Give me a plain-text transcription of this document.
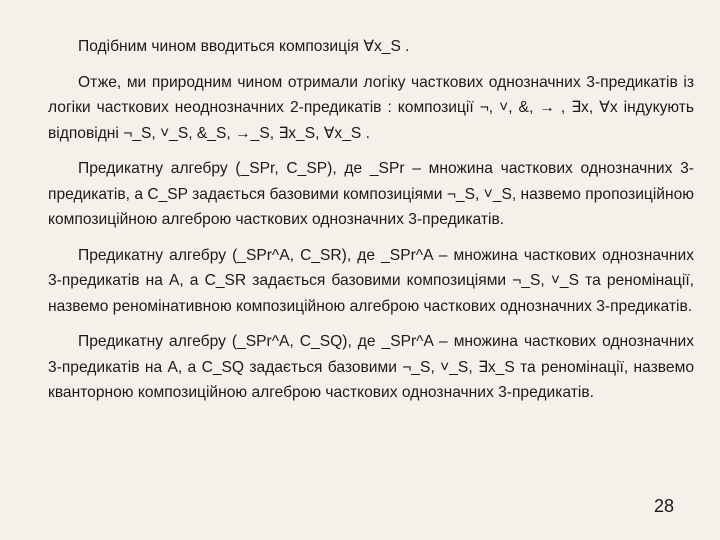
Подібним чином вводиться композиція ∀x_S .

Отже, ми природним чином отримали логіку часткових однозначних 3-предикатів із логіки часткових неоднозначних 2-предикатів : композиції ¬, ˅, &, → , ∃x, ∀x індукують відповідні ¬_S, ˅_S, &_S, →_S, ∃x_S, ∀x_S .

Предикатну алгебру (_SPr, C_SP), де _SPr – множина часткових однозначних 3-предикатів, а C_SP задається базовими композиціями ¬_S, ˅_S, назвемо пропозиційною композиційною алгеброю часткових однозначних 3-предикатів.

Предикатну алгебру (_SPr^A, C_SR), де _SPr^A – множина часткових однозначних 3-предикатів на A, а C_SR задається базовими композиціями ¬_S, ˅_S та реномінації, назвемо реномінативною композиційною алгеброю часткових однозначних 3-предикатів.

Предикатну алгебру (_SPr^A, C_SQ), де _SPr^A – множина часткових однозначних 3-предикатів на A, а C_SQ задається базовими ¬_S, ˅_S, ∃x_S та реномінації, назвемо кванторною композиційною алгеброю часткових однозначних 3-предикатів.

28
